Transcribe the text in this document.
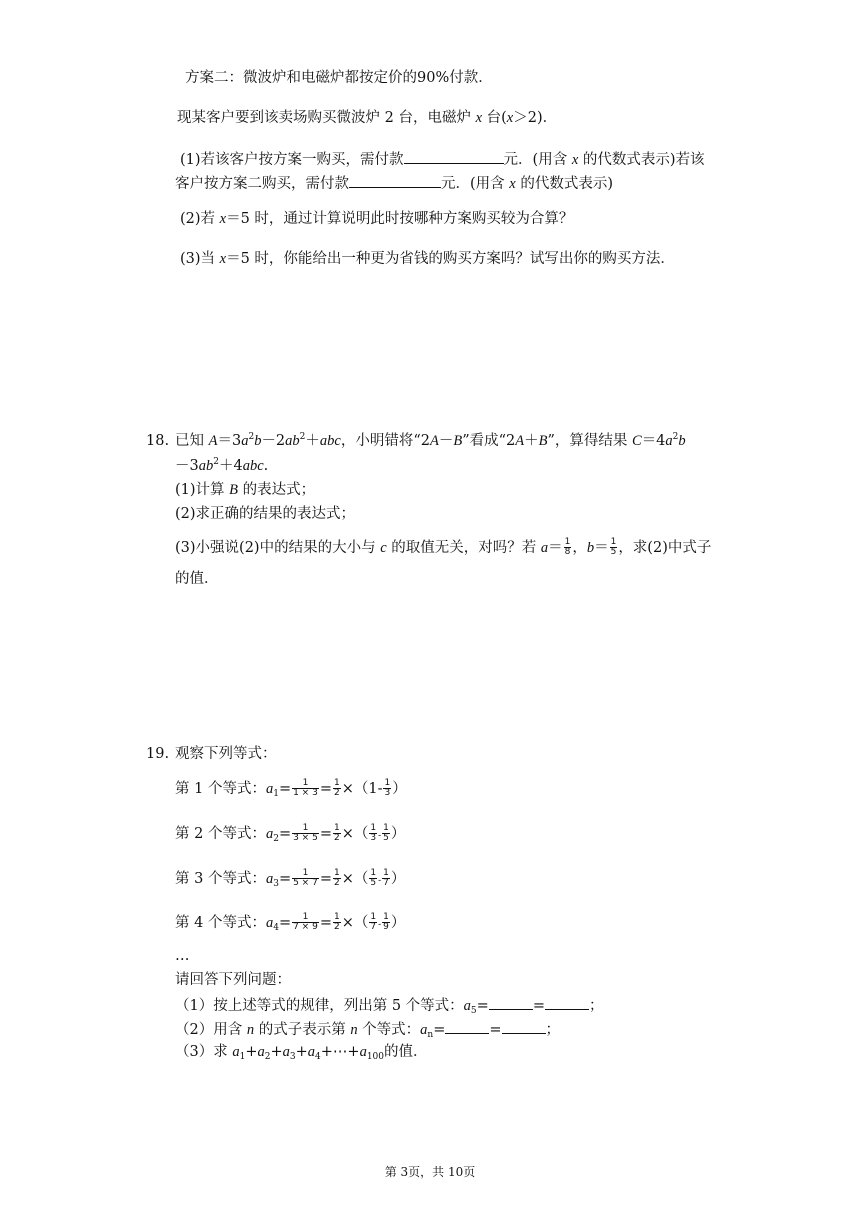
方案二：微波炉和电磁炉都按定价的90%付款．
现某客户要到该卖场购买微波炉 2 台，电磁炉 x 台(x＞2)．
(1)若该客户按方案一购买，需付款	元．(用含 x 的代数式表示)若该
客户按方案二购买，需付款	元．(用含 x 的代数式表示)
(2)若 x＝5 时，通过计算说明此时按哪种方案购买较为合算？
(3)当 x＝5 时，你能给出一种更为省钱的购买方案吗？试写出你的购买方法．
18. 已知 $A=3a^2b-2ab^2+abc$，小明错将“2A－B”看成“2A＋B”，算得结果 $C=4a^2b$
$-3ab^2+4abc$.
(1)计算 B 的表达式；
(2)求正确的结果的表达式；
(3)小强说(2)中的结果的大小与 c 的取值无关，对吗？若 $a= \frac{1}{8}$ ，$b= \frac{1}{5}$ ，求(2)中式子
的值．
19. 观察下列等式：
第 1 个等式：$a_1= \frac{1}{1 \times 3} = \frac{1}{2} \times(1- \frac{1}{3}$ ）
第 2 个等式：$a_2= \frac{1}{3 \times 5} = \frac{1}{2}$ ×（ $\frac{1}{3} - \frac{1}{5}$ ）
第 3 个等式：$a_3= \frac{1}{5 \times 7} = \frac{1}{2}$ ×（ $\frac{1}{5} - \frac{1}{7}$ ）
第 4 个等式：$a_4= \frac{1}{7 \times 9} = \frac{1}{2}$ ×（ $\frac{1}{7} - \frac{1}{9}$ ）
…
请回答下列问题：
（1）按上述等式的规律，列出第 5 个等式：$a_5=$	=	；
（2）用含 n 的式子表示第 n 个等式：$a_n=$	=	；
（3）求 $a_1+a_2+a_3+a_4+\cdots+a_{100}$的值．
第 3页，共 10页
